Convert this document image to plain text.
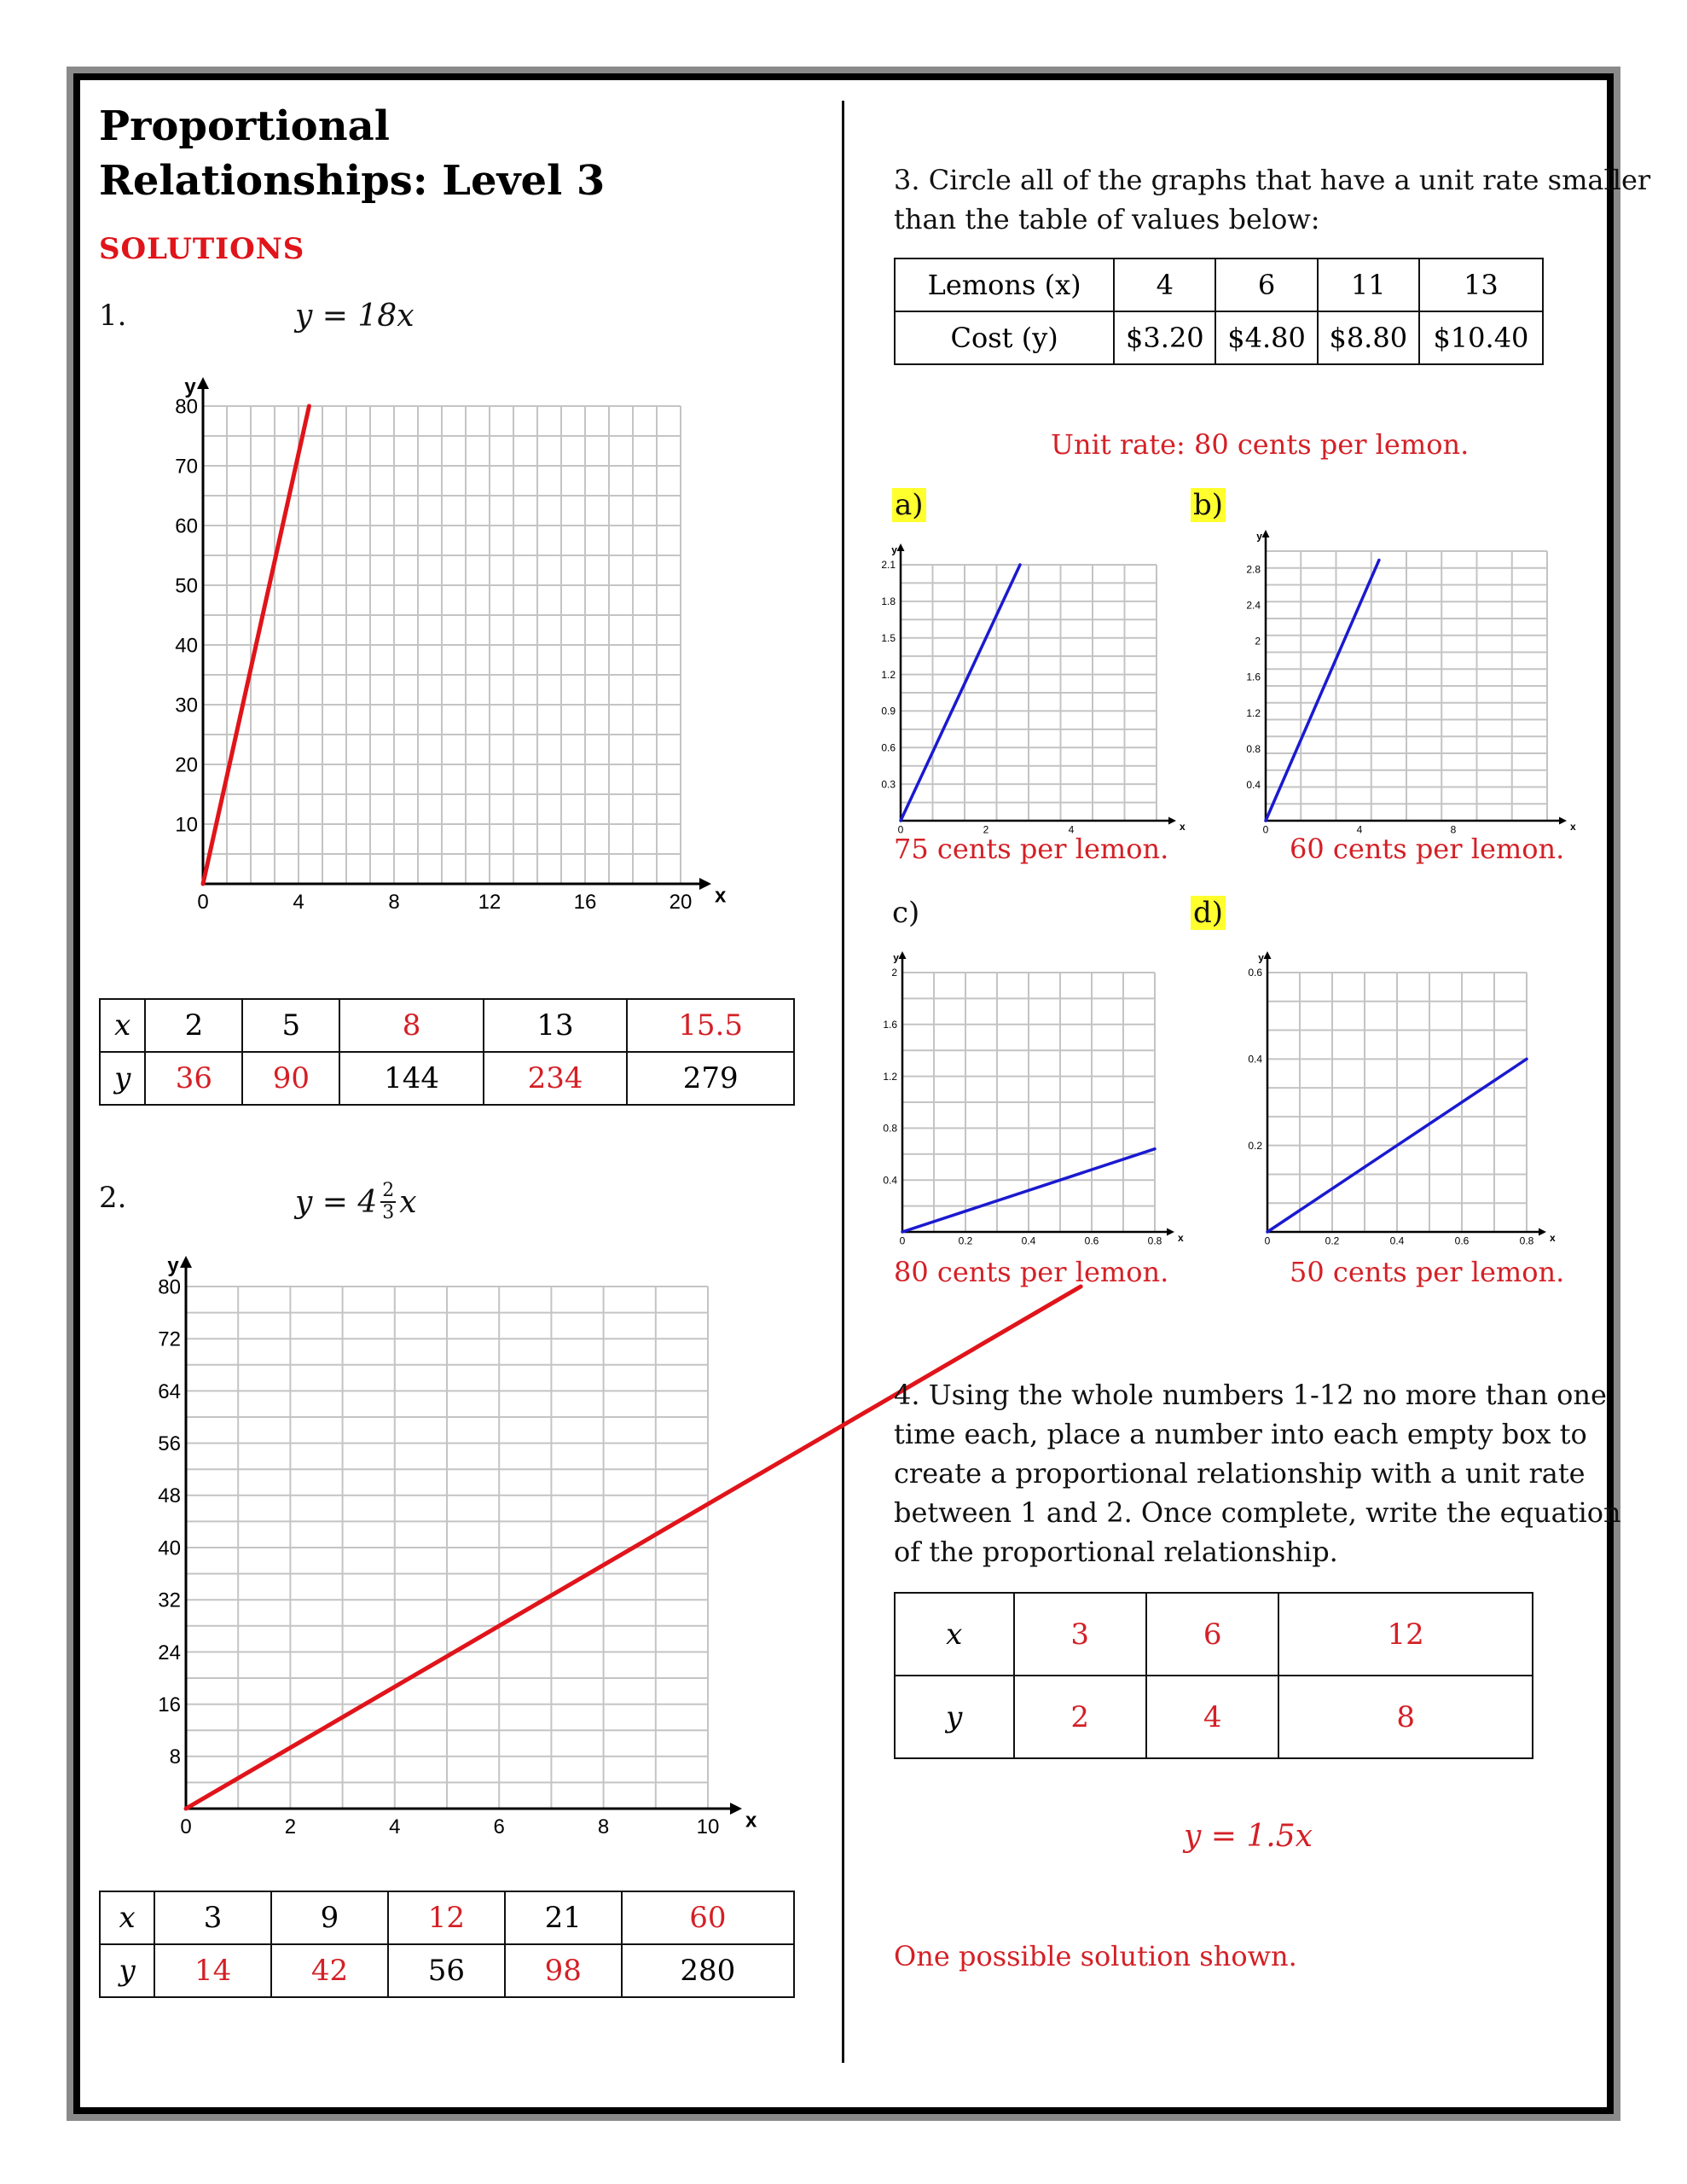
Proportional
Relationships: Level 3
SOLUTIONS
1.	y = 18x
x
y
0	4	8	12	16	20
10
20
30
40
50
60
70
80
x	2	5	8	13	15.5
y	36	90	144	234	279
2.	$y = 4 \frac{2}{3}$ x
x
y
0	2	4	6	8	10
8
16
24
32
40
48
56
64
72
80
x	3	9	12	21	60
y	14	42	56	98	280
3. Circle all of the graphs that have a unit rate smaller
than the table of values below:
Lemons (x)	4	6	11	13
Cost (y)	$3.20	$4.80	$8.80	$10.40
Unit rate: 80 cents per lemon.
a)	b)
c)	d)
x
y
0	2	4
0.3
0.6
0.9
1.2
1.5
1.8
2.1
x
y
0	4	8
0.4
0.8
1.2
1.6
2
2.4
2.8
x
y
0	0.2	0.4	0.6	0.8
0.4
0.8
1.2
1.6
2
x
y
0	0.2	0.4	0.6	0.8
0.2
0.4
0.6
75 cents per lemon.	60 cents per lemon.
80 cents per lemon.	50 cents per lemon.
4. Using the whole numbers 1-12 no more than one
time each, place a number into each empty box to
create a proportional relationship with a unit rate
between 1 and 2. Once complete, write the equation
of the proportional relationship.
x	3	6	12
y	2	4	8
y = 1.5x
One possible solution shown.
